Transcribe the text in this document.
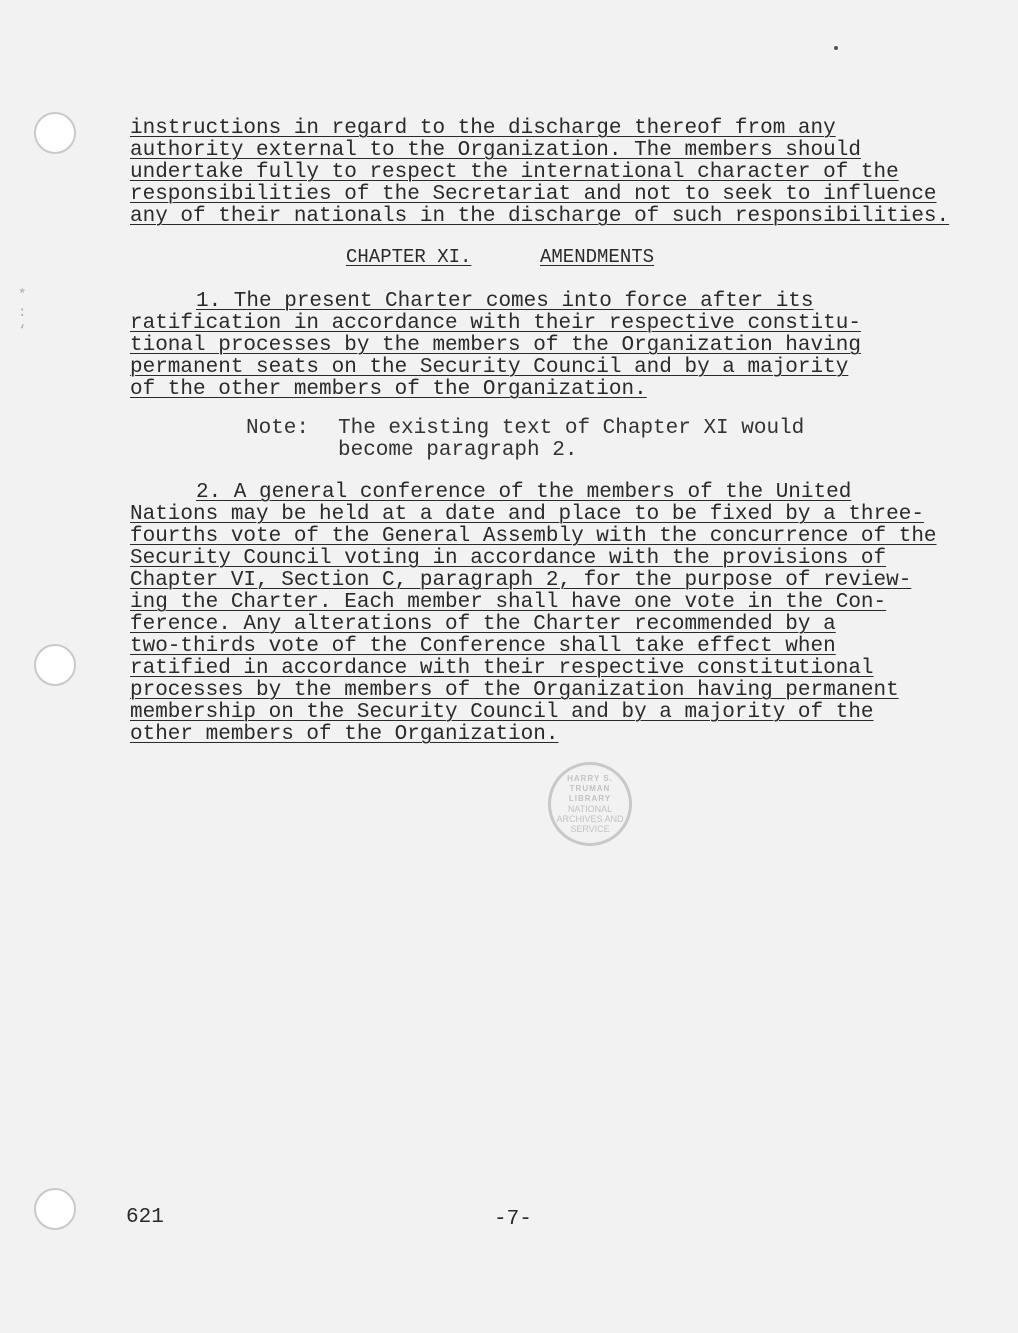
*
:
‘
instructions in regard to the discharge thereof from any
authority external to the Organization. The members should
undertake fully to respect the international character of the
responsibilities of the Secretariat and not to seek to influence
any of their nationals in the discharge of such responsibilities.
CHAPTER XI.	AMENDMENTS
1. The present Charter comes into force after its
ratification in accordance with their respective constitu-
tional processes by the members of the Organization having
permanent seats on the Security Council and by a majority
of the other members of the Organization.
Note: The existing text of Chapter XI would
become paragraph 2.
2. A general conference of the members of the United
Nations may be held at a date and place to be fixed by a three-
fourths vote of the General Assembly with the concurrence of the
Security Council voting in accordance with the provisions of
Chapter VI, Section C, paragraph 2, for the purpose of review-
ing the Charter. Each member shall have one vote in the Con-
ference. Any alterations of the Charter recommended by a
two-thirds vote of the Conference shall take effect when
ratified in accordance with their respective constitutional
processes by the members of the Organization having permanent
membership on the Security Council and by a majority of the
other members of the Organization.
HARRY S. TRUMAN LIBRARY
NATIONAL
ARCHIVES AND
SERVICE
621	-7-
